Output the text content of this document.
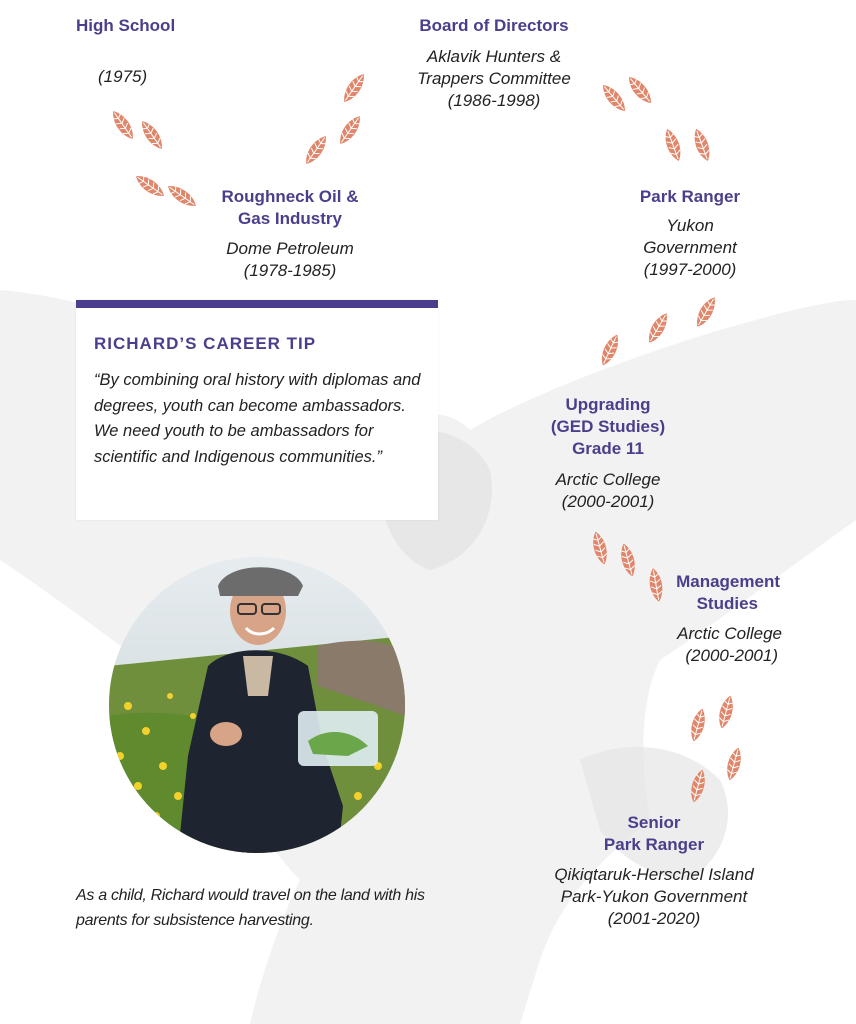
High School
(1975)
Board of Directors
Aklavik Hunters &
Trappers Committee
(1986-1998)
Roughneck Oil &
Gas Industry
Dome Petroleum
(1978-1985)
Park Ranger
Yukon
Government
(1997-2000)
RICHARD’S CAREER TIP

“By combining oral history with diplomas and degrees, youth can become ambassadors. We need youth to be ambassadors for scientific and Indigenous communities.”

Upgrading
(GED Studies)
Grade 11
Arctic College
(2000-2001)
Management
Studies
Arctic College
(2000-2001)

As a child, Richard would travel on the land with his parents for subsistence harvesting.

Senior
Park Ranger
Qikiqtaruk-Herschel Island
Park-Yukon Government
(2001-2020)
